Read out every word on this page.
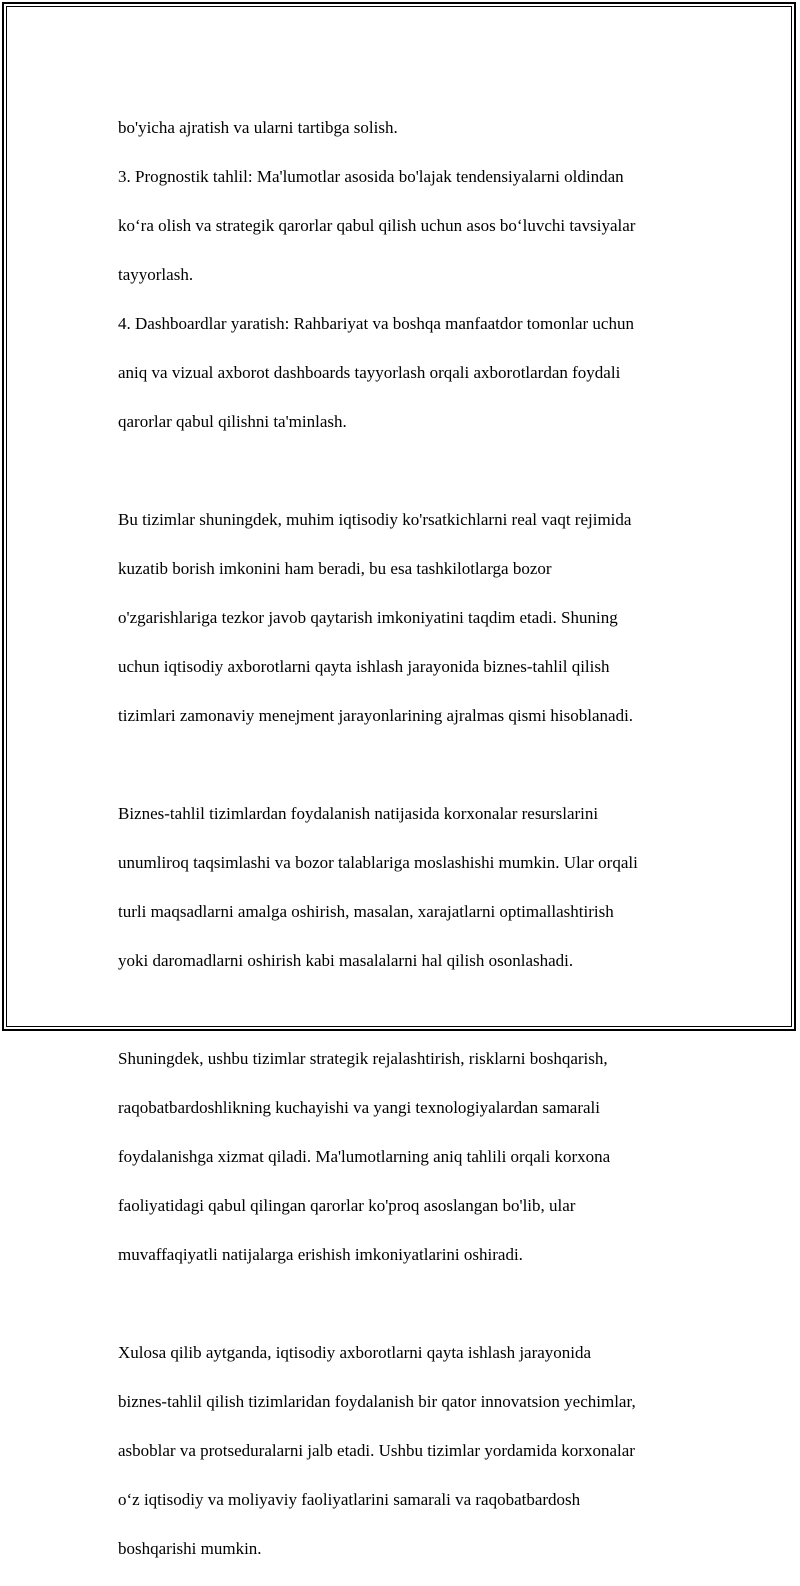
bo'yicha ajratish va ularni tartibga solish.

3. Prognostik tahlil: Ma'lumotlar asosida bo'lajak tendensiyalarni oldindan

ko‘ra olish va strategik qarorlar qabul qilish uchun asos bo‘luvchi tavsiyalar

tayyorlash.

4. Dashboardlar yaratish: Rahbariyat va boshqa manfaatdor tomonlar uchun

aniq va vizual axborot dashboards tayyorlash orqali axborotlardan foydali

qarorlar qabul qilishni ta'minlash.

Bu tizimlar shuningdek, muhim iqtisodiy ko'rsatkichlarni real vaqt rejimida

kuzatib borish imkonini ham beradi, bu esa tashkilotlarga bozor

o'zgarishlariga tezkor javob qaytarish imkoniyatini taqdim etadi. Shuning

uchun iqtisodiy axborotlarni qayta ishlash jarayonida biznes-tahlil qilish

tizimlari zamonaviy menejment jarayonlarining ajralmas qismi hisoblanadi.

Biznes-tahlil tizimlardan foydalanish natijasida korxonalar resurslarini

unumliroq taqsimlashi va bozor talablariga moslashishi mumkin. Ular orqali

turli maqsadlarni amalga oshirish, masalan, xarajatlarni optimallashtirish

yoki daromadlarni oshirish kabi masalalarni hal qilish osonlashadi.

Shuningdek, ushbu tizimlar strategik rejalashtirish, risklarni boshqarish,

raqobatbardoshlikning kuchayishi va yangi texnologiyalardan samarali

foydalanishga xizmat qiladi. Ma'lumotlarning aniq tahlili orqali korxona

faoliyatidagi qabul qilingan qarorlar ko'proq asoslangan bo'lib, ular

muvaffaqiyatli natijalarga erishish imkoniyatlarini oshiradi.

Xulosa qilib aytganda, iqtisodiy axborotlarni qayta ishlash jarayonida

biznes-tahlil qilish tizimlaridan foydalanish bir qator innovatsion yechimlar,

asboblar va protseduralarni jalb etadi. Ushbu tizimlar yordamida korxonalar

o‘z iqtisodiy va moliyaviy faoliyatlarini samarali va raqobatbardosh

boshqarishi mumkin.
